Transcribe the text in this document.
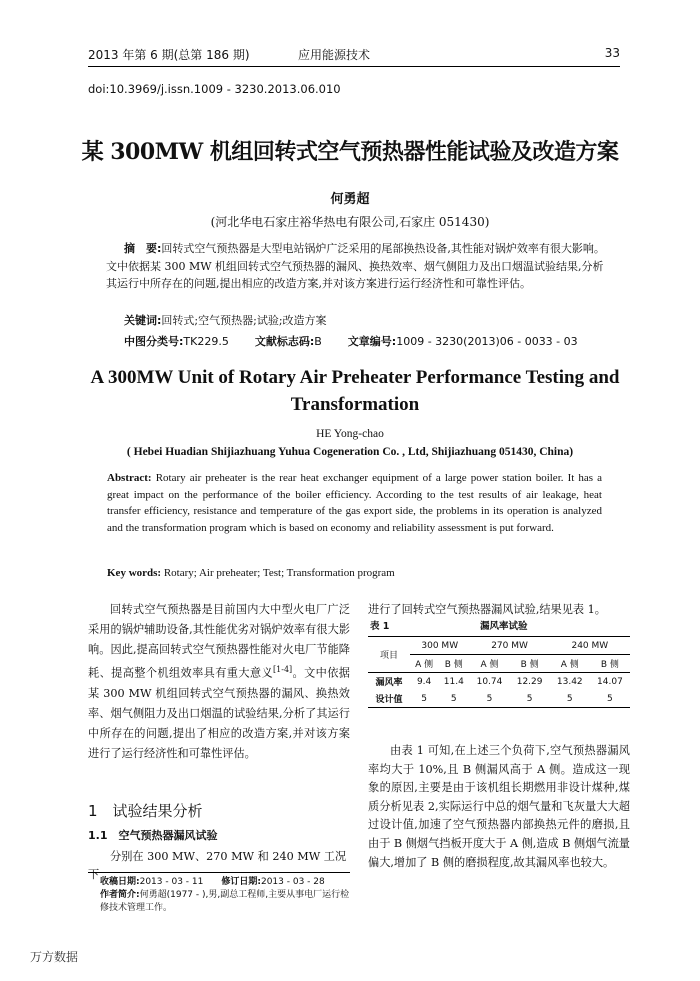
2013 年第 6 期(总第 186 期)	应用能源技术	33
doi:10.3969/j.issn.1009 - 3230.2013.06.010
某 300MW 机组回转式空气预热器性能试验及改造方案
何勇超
(河北华电石家庄裕华热电有限公司,石家庄 051430)
摘　要:回转式空气预热器是大型电站锅炉广泛采用的尾部换热设备,其性能对锅炉效率有很大影响。文中依据某 300 MW 机组回转式空气预热器的漏风、换热效率、烟气侧阻力及出口烟温试验结果,分析其运行中所存在的问题,提出相应的改造方案,并对该方案进行运行经济性和可靠性评估。
关键词:回转式;空气预热器;试验;改造方案
中图分类号:TK229.5 文献标志码:B 文章编号:1009 - 3230(2013)06 - 0033 - 03
A 300MW Unit of Rotary Air Preheater Performance Testing and Transformation
HE Yong-chao
( Hebei Huadian Shijiazhuang Yuhua Cogeneration Co. , Ltd, Shijiazhuang 051430, China)
Abstract: Rotary air preheater is the rear heat exchanger equipment of a large power station boiler. It has a great impact on the performance of the boiler efficiency. According to the test results of air leakage, heat transfer efficiency, resistance and temperature of the gas export side, the problems in its operation is analyzed and the transformation program which is based on economy and reliability assessment is put forward.
Key words: Rotary; Air preheater; Test; Transformation program

回转式空气预热器是目前国内大中型火电厂广泛采用的锅炉辅助设备,其性能优劣对锅炉效率有很大影响。因此,提高回转式空气预热器性能对火电厂节能降耗、提高整个机组效率具有重大意义[1-4]。文中依据某 300 MW 机组回转式空气预热器的漏风、换热效率、烟气侧阻力及出口烟温的试验结果,分析了其运行中所存在的问题,提出了相应的改造方案,并对该方案进行了运行经济性和可靠性评估。

1　试验结果分析
1.1　空气预热器漏风试验
分别在 300 MW、270 MW 和 240 MW 工况下
收稿日期:2013 - 03 - 11　　 修订日期:2013 - 03 - 28
作者简介:何勇超(1977 - ),男,副总工程师,主要从事电厂运行检修技术管理工作。
进行了回转式空气预热器漏风试验,结果见表 1。
表 1	漏风率试验
项目	300 MW		270 MW		240 MW	
	A 侧	B 侧	A 侧	B 侧	A 侧	B 侧
漏风率	9.4	11.4	10.74	12.29	13.42	14.07
设计值	5	5	5	5	5	5

由表 1 可知,在上述三个负荷下,空气预热器漏风率均大于 10%,且 B 侧漏风高于 A 侧。造成这一现象的原因,主要是由于该机组长期燃用非设计煤种,煤质分析见表 2,实际运行中总的烟气量和飞灰量大大超过设计值,加速了空气预热器内部换热元件的磨损,且由于 B 侧烟气挡板开度大于 A 侧,造成 B 侧烟气流量偏大,增加了 B 侧的磨损程度,故其漏风率也较大。

万方数据
